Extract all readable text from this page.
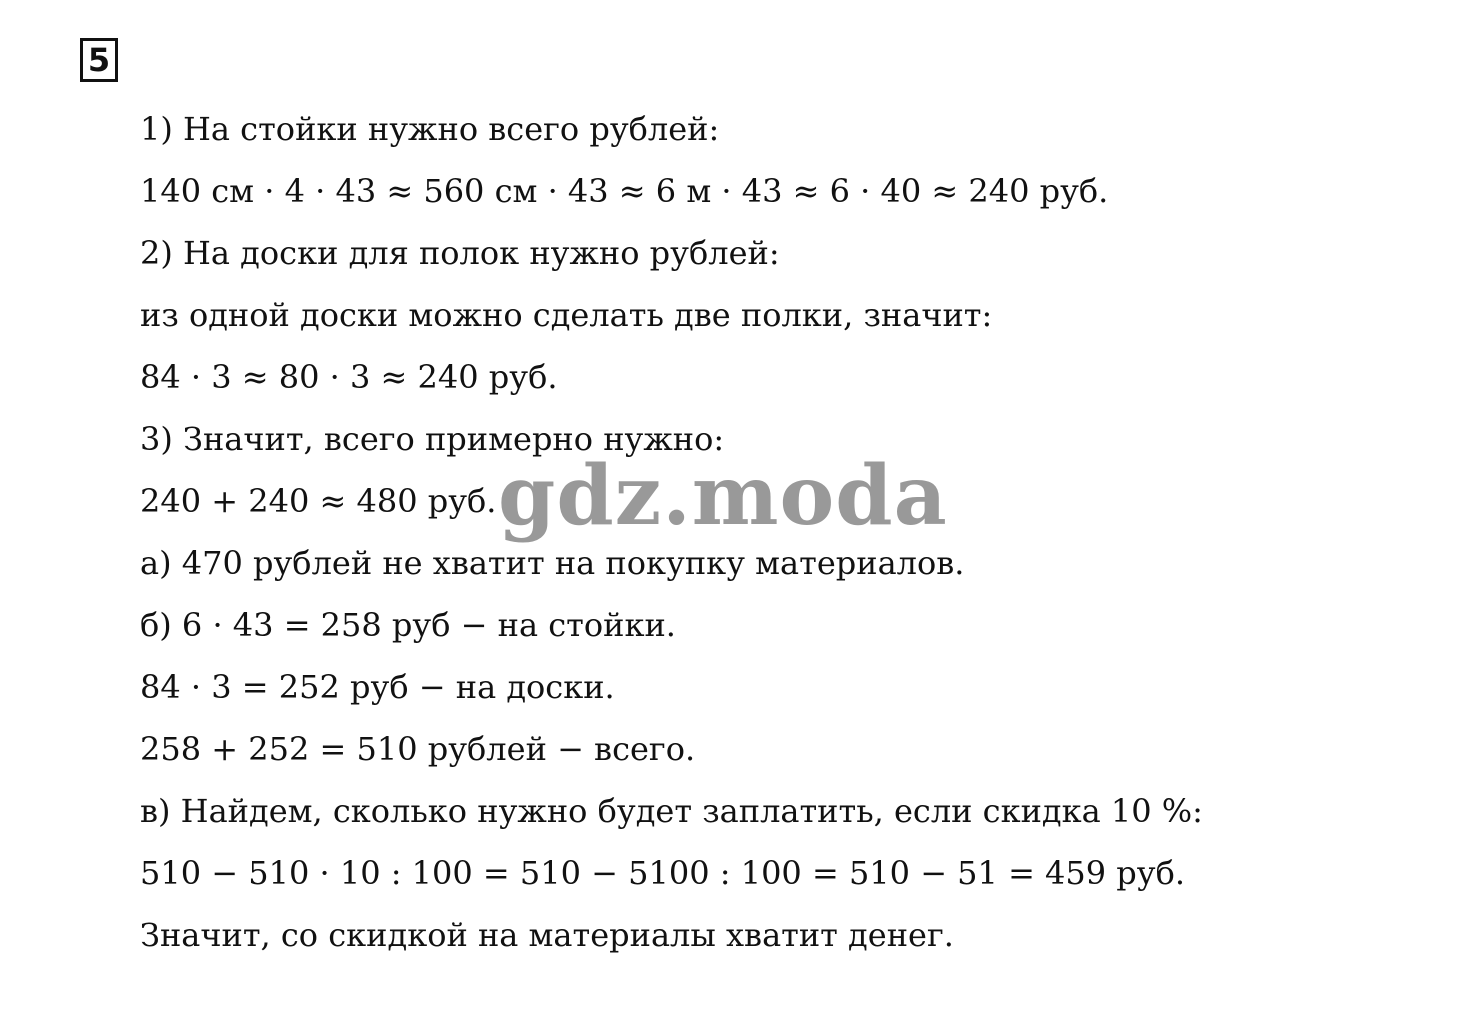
5
1) На стойки нужно всего рублей:
140 см · 4 · 43 ≈ 560 см · 43 ≈ 6 м · 43 ≈ 6 · 40 ≈ 240 руб.
2) На доски для полок нужно рублей:
из одной доски можно сделать две полки, значит:
84 · 3 ≈ 80 · 3 ≈ 240 руб.
3) Значит, всего примерно нужно:
240 + 240 ≈ 480 руб.
а) 470 рублей не хватит на покупку материалов.
б) 6 · 43 = 258 руб − на стойки.
84 · 3 = 252 руб − на доски.
258 + 252 = 510 рублей − всего.
в) Найдем, сколько нужно будет заплатить, если скидка 10 %:
510 − 510 · 10 : 100 = 510 − 5100 : 100 = 510 − 51 = 459 руб.
Значит, со скидкой на материалы хватит денег.
gdz.moda
